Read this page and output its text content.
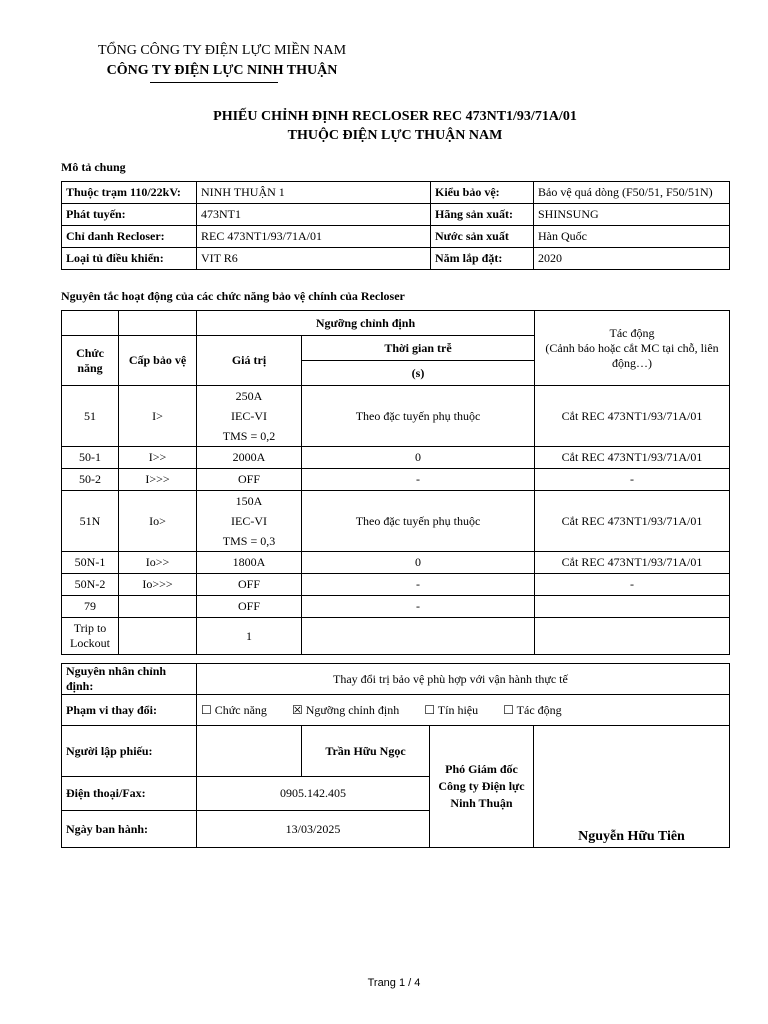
TỔNG CÔNG TY ĐIỆN LỰC MIỀN NAM
CÔNG TY ĐIỆN LỰC NINH THUẬN
PHIẾU CHỈNH ĐỊNH RECLOSER REC 473NT1/93/71A/01
THUỘC ĐIỆN LỰC THUẬN NAM
Mô tả chung
Thuộc trạm 110/22kV:	NINH THUẬN 1	Kiểu bảo vệ:	Bảo vệ quá dòng (F50/51, F50/51N)
Phát tuyến:	473NT1	Hãng sản xuất:	SHINSUNG
Chỉ danh Recloser:	REC 473NT1/93/71A/01	Nước sản xuất	Hàn Quốc
Loại tủ điều khiển:	VIT R6	Năm lắp đặt:	2020
Nguyên tắc hoạt động của các chức năng bảo vệ chính của Recloser
		Ngưỡng chỉnh định		Tác động
(Cảnh báo hoặc cắt MC tại chỗ, liên động…)

Chức năng	Cấp bảo vệ	Giá trị	Thời gian trễ	
			(s)	
51	I>	250A
IEC-VI
TMS = 0,2	Theo đặc tuyến phụ thuộc	Cắt REC 473NT1/93/71A/01
50-1	I>>	2000A	0	Cắt REC 473NT1/93/71A/01
50-2	I>>>	OFF	-	-
51N	Io>	150A
IEC-VI
TMS = 0,3	Theo đặc tuyến phụ thuộc	Cắt REC 473NT1/93/71A/01
50N-1	Io>>	1800A	0	Cắt REC 473NT1/93/71A/01
50N-2	Io>>>	OFF	-	-
79		OFF	-	
Trip to Lockout		1		
Nguyên nhân chỉnh định:	Thay đổi trị bảo vệ phù hợp với vận hành thực tế			
Phạm vi thay đổi:	☐ Chức năng ☒ Ngưỡng chỉnh định ☐ Tín hiệu ☐ Tác động			
Người lập phiếu:		Trần Hữu Ngọc	Phó Giám đốc Công ty Điện lực Ninh Thuận	Nguyễn Hữu Tiên
Điện thoại/Fax:	0905.142.405			
Ngày ban hành:	13/03/2025			
Trang 1 / 4
